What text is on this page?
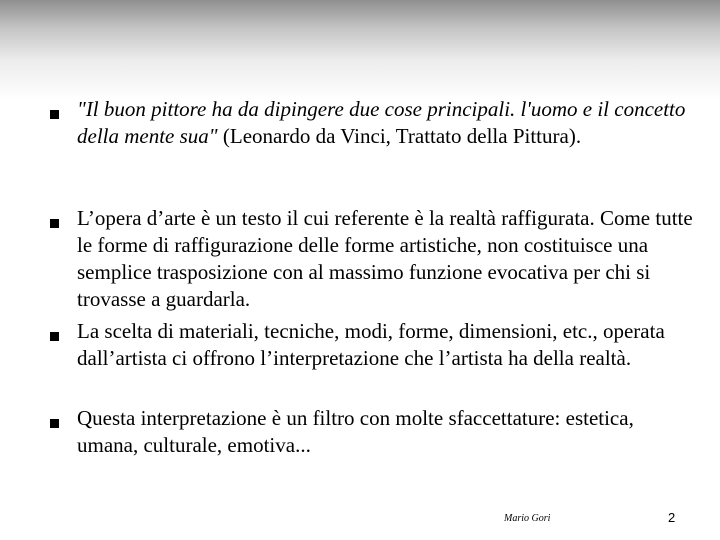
"Il buon pittore ha da dipingere due cose principali. l'uomo e il concetto della mente sua" (Leonardo da Vinci, Trattato della Pittura).
L’opera d’arte è un testo il cui referente è la realtà raffigurata. Come tutte le forme di raffigurazione delle forme artistiche, non costituisce una semplice trasposizione con al massimo funzione evocativa per chi si trovasse a guardarla.
La scelta di materiali, tecniche, modi, forme, dimensioni, etc., operata dall’artista ci offrono l’interpretazione che l’artista ha della realtà.
Questa interpretazione è un filtro con molte sfaccettature: estetica, umana, culturale, emotiva...
Mario Gori	2
